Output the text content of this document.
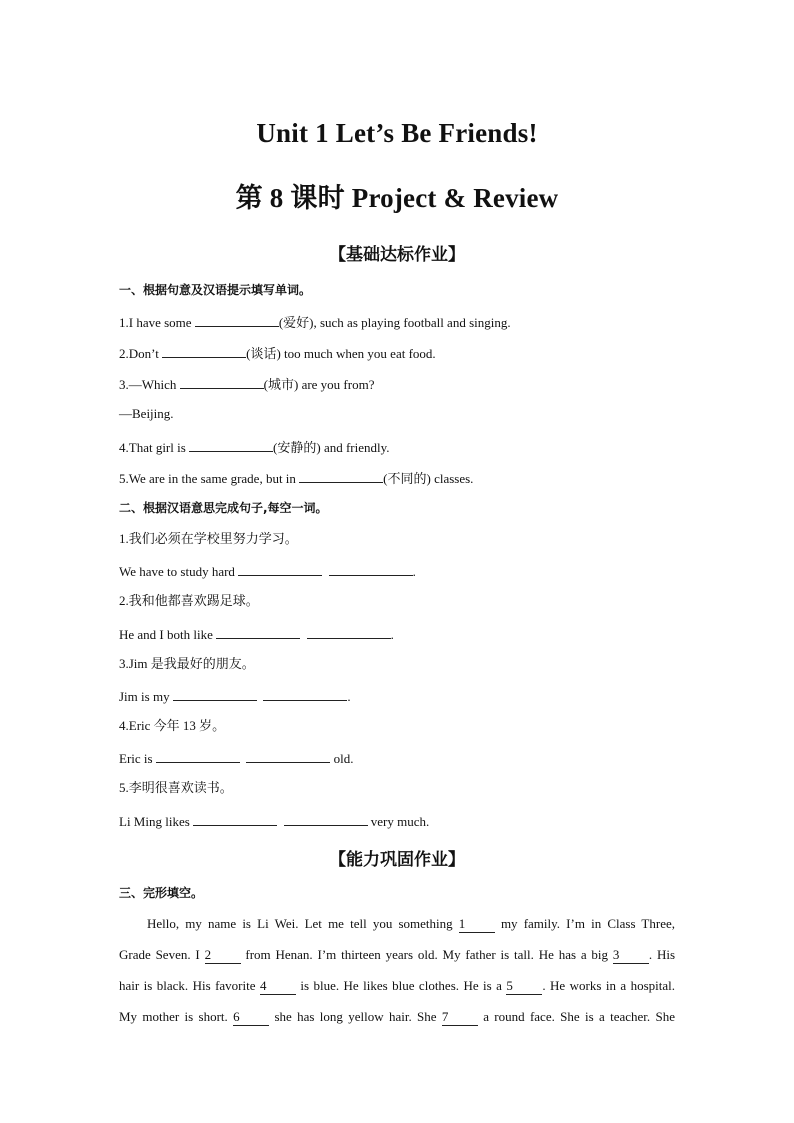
Unit 1 Let’s Be Friends!
第 8 课时 Project & Review
【基础达标作业】
一、根据句意及汉语提示填写单词。
1.I have some	(爱好), such as playing football and singing.
2.Don’t	(谈话) too much when you eat food.
3.—Which	(城市) are you from?
—Beijing.
4.That girl is	(安静的) and friendly.
5.We are in the same grade, but in	(不同的) classes.
二、根据汉语意思完成句子,每空一词。
1.我们必须在学校里努力学习。
We have to study hard	.
2.我和他都喜欢踢足球。
He and I both like	.
3.Jim 是我最好的朋友。
Jim is my	.
4.Eric 今年 13 岁。
Eric is	old.
5.李明很喜欢读书。
Li Ming likes	very much.
【能力巩固作业】
三、完形填空。
Hello, my name is Li Wei. Let me tell you something 1 my family. I’m in Class Three,
Grade Seven. I 2 from Henan. I’m thirteen years old. My father is tall. He has a big 3 . His
hair is black. His favorite 4 is blue. He likes blue clothes. He is a 5 . He works in a hospital.
My mother is short. 6 she has long yellow hair. She 7 a round face. She is a teacher. She
